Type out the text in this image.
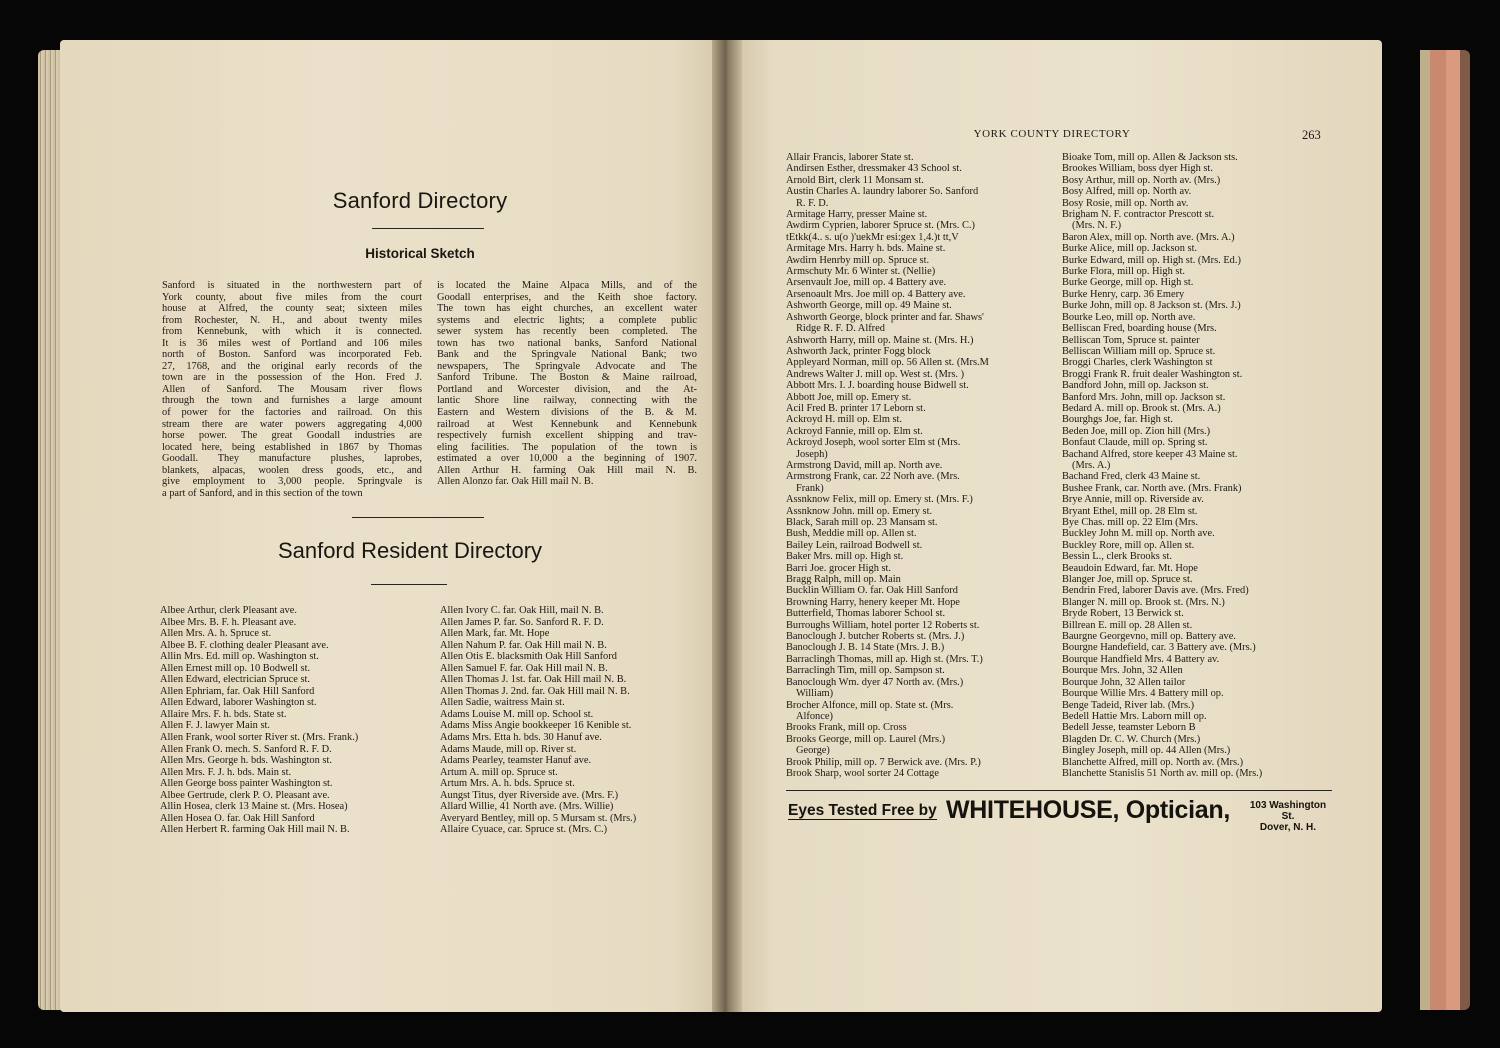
Sanford Directory
Historical Sketch
Sanford is situated in the northwestern part of
York county, about five miles from the court
house at Alfred, the county seat; sixteen miles
from Rochester, N. H., and about twenty miles
from Kennebunk, with which it is connected.
It is 36 miles west of Portland and 106 miles
north of Boston. Sanford was incorporated Feb.
27, 1768, and the original early records of the
town are in the possession of the Hon. Fred J.
Allen of Sanford. The Mousam river flows
through the town and furnishes a large amount
of power for the factories and railroad. On this
stream there are water powers aggregating 4,000
horse power. The great Goodall industries are
located here, being established in 1867 by Thomas
Goodall. They manufacture plushes, laprobes,
blankets, alpacas, woolen dress goods, etc., and
give employment to 3,000 people. Springvale is
a part of Sanford, and in this section of the town
is located the Maine Alpaca Mills, and of the
Goodall enterprises, and the Keith shoe factory.
The town has eight churches, an excellent water
systems and electric lights; a complete public
sewer system has recently been completed. The
town has two national banks, Sanford National
Bank and the Springvale National Bank; two
newspapers, The Springvale Advocate and The
Sanford Tribune. The Boston & Maine railroad,
Portland and Worcester division, and the At-
lantic Shore line railway, connecting with the
Eastern and Western divisions of the B. & M.
railroad at West Kennebunk and Kennebunk
respectively furnish excellent shipping and trav-
eling facilities. The population of the town is
estimated a over 10,000 a the beginning of 1907.
Allen Arthur H. farming Oak Hill mail N. B.
Allen Alonzo far. Oak Hill mail N. B.
Sanford Resident Directory
Albee Arthur, clerk Pleasant ave.
Albee Mrs. B. F. h. Pleasant ave.
Allen Mrs. A. h. Spruce st.
Albee B. F. clothing dealer Pleasant ave.
Allin Mrs. Ed. mill op. Washington st.
Allen Ernest mill op. 10 Bodwell st.
Allen Edward, electrician Spruce st.
Allen Ephriam, far. Oak Hill Sanford
Allen Edward, laborer Washington st.
Allaire Mrs. F. h. bds. State st.
Allen F. J. lawyer Main st.
Allen Frank, wool sorter River st. (Mrs. Frank.)
Allen Frank O. mech. S. Sanford R. F. D.
Allen Mrs. George h. bds. Washington st.
Allen Mrs. F. J. h. bds. Main st.
Allen George boss painter Washington st.
Albee Gertrude, clerk P. O. Pleasant ave.
Allin Hosea, clerk 13 Maine st. (Mrs. Hosea)
Allen Hosea O. far. Oak Hill Sanford
Allen Herbert R. farming Oak Hill mail N. B.
Allen Ivory C. far. Oak Hill, mail N. B.
Allen James P. far. So. Sanford R. F. D.
Allen Mark, far. Mt. Hope
Allen Nahum P. far. Oak Hill mail N. B.
Allen Otis E. blacksmith Oak Hill Sanford
Allen Samuel F. far. Oak Hill mail N. B.
Allen Thomas J. 1st. far. Oak Hill mail N. B.
Allen Thomas J. 2nd. far. Oak Hill mail N. B.
Allen Sadie, waitress Main st.
Adams Louise M. mill op. School st.
Adams Miss Angie bookkeeper 16 Kenible st.
Adams Mrs. Etta h. bds. 30 Hanuf ave.
Adams Maude, mill op. River st.
Adams Pearley, teamster Hanuf ave.
Artum A. mill op. Spruce st.
Artum Mrs. A. h. bds. Spruce st.
Aungst Titus, dyer Riverside ave. (Mrs. F.)
Allard Willie, 41 North ave. (Mrs. Willie)
Averyard Bentley, mill op. 5 Mursam st. (Mrs.)
Allaire Cyuace, car. Spruce st. (Mrs. C.)
YORK COUNTY DIRECTORY	263
Allair Francis, laborer State st.
Andirsen Esther, dressmaker 43 School st.
Arnold Birt, clerk 11 Monsam st.
Austin Charles A. laundry laborer So. Sanford
R. F. D.
Armitage Harry, presser Maine st.
Awdirm Cyprien, laborer Spruce st. (Mrs. C.)
tEtkk(4.. s. u(o )'uekMr esi:gex 1,4.)t tt,V
Armitage Mrs. Harry h. bds. Maine st.
Awdirn Henrby mill op. Spruce st.
Armschuty Mr. 6 Winter st. (Nellie)
Arsenvault Joe, mill op. 4 Battery ave.
Arsenoault Mrs. Joe mill op. 4 Battery ave.
Ashworth George, mill op. 49 Maine st.
Ashworth George, block printer and far. Shaws'
Ridge R. F. D. Alfred
Ashworth Harry, mill op. Maine st. (Mrs. H.)
Ashworth Jack, printer Fogg block
Appleyard Norman, mill op. 56 Allen st. (Mrs.M
Andrews Walter J. mill op. West st. (Mrs. )
Abbott Mrs. I. J. boarding house Bidwell st.
Abbott Joe, mill op. Emery st.
Acil Fred B. printer 17 Leborn st.
Ackroyd H. mill op. Elm st.
Ackroyd Fannie, mill op. Elm st.
Ackroyd Joseph, wool sorter Elm st (Mrs.
Joseph)
Armstrong David, mill ap. North ave.
Armstrong Frank, car. 22 Norh ave. (Mrs.
Frank)
Assnknow Felix, mill op. Emery st. (Mrs. F.)
Assnknow John. mill op. Emery st.
Black, Sarah mill op. 23 Mansam st.
Bush, Meddie mill op. Allen st.
Bailey Lein, railroad Bodwell st.
Baker Mrs. mill op. High st.
Barri Joe. grocer High st.
Bragg Ralph, mill op. Main
Bucklin William O. far. Oak Hill Sanford
Browning Harry, henery keeper Mt. Hope
Butterfield, Thomas laborer School st.
Burroughs William, hotel porter 12 Roberts st.
Banoclough J. butcher Roberts st. (Mrs. J.)
Banoclough J. B. 14 State (Mrs. J. B.)
Barraclingh Thomas, mill ap. High st. (Mrs. T.)
Barraclingh Tim, mill op. Sampson st.
Banoclough Wm. dyer 47 North av. (Mrs.)
William)
Brocher Alfonce, mill op. State st. (Mrs.
Alfonce)
Brooks Frank, mill op. Cross
Brooks George, mill op. Laurel (Mrs.)
George)
Brook Philip, mill op. 7 Berwick ave. (Mrs. P.)
Brook Sharp, wool sorter 24 Cottage
Bioake Tom, mill op. Allen & Jackson sts.
Brookes William, boss dyer High st.
Bosy Arthur, mill op. North av. (Mrs.)
Bosy Alfred, mill op. North av.
Bosy Rosie, mill op. North av.
Brigham N. F. contractor Prescott st.
(Mrs. N. F.)
Baron Alex, mill op. North ave. (Mrs. A.)
Burke Alice, mill op. Jackson st.
Burke Edward, mill op. High st. (Mrs. Ed.)
Burke Flora, mill op. High st.
Burke George, mill op. High st.
Burke Henry, carp. 36 Emery
Burke John, mill op. 8 Jackson st. (Mrs. J.)
Bourke Leo, mill op. North ave.
Belliscan Fred, boarding house (Mrs.
Belliscan Tom, Spruce st. painter
Belliscan William mill op. Spruce st.
Broggi Charles, clerk Washington st
Broggi Frank R. fruit dealer Washington st.
Bandford John, mill op. Jackson st.
Banford Mrs. John, mill op. Jackson st.
Bedard A. mill op. Brook st. (Mrs. A.)
Bourghgs Joe, far. High st.
Beden Joe, mill op. Zion hill (Mrs.)
Bonfaut Claude, mill op. Spring st.
Bachand Alfred, store keeper 43 Maine st.
(Mrs. A.)
Bachand Fred, clerk 43 Maine st.
Bushee Frank, car. North ave. (Mrs. Frank)
Brye Annie, mill op. Riverside av.
Bryant Ethel, mill op. 28 Elm st.
Bye Chas. mill op. 22 Elm (Mrs.
Buckley John M. mill op. North ave.
Buckley Rore, mill op. Allen st.
Bessin L., clerk Brooks st.
Beaudoin Edward, far. Mt. Hope
Blanger Joe, mill op. Spruce st.
Bendrin Fred, laborer Davis ave. (Mrs. Fred)
Blanger N. mill op. Brook st. (Mrs. N.)
Bryde Robert, 13 Berwick st.
Billrean E. mill op. 28 Allen st.
Baurgne Georgevno, mill op. Battery ave.
Bourgne Handefield, car. 3 Battery ave. (Mrs.)
Bourque Handfield Mrs. 4 Battery av.
Bourque Mrs. John, 32 Allen
Bourque John, 32 Allen tailor
Bourque Willie Mrs. 4 Battery mill op.
Benge Tadeid, River lab. (Mrs.)
Bedell Hattie Mrs. Laborn mill op.
Bedell Jesse, teamster Leborn B
Blagden Dr. C. W. Church (Mrs.)
Bingley Joseph, mill op. 44 Allen (Mrs.)
Blanchette Alfred, mill op. North av. (Mrs.)
Blanchette Stanislis 51 North av. mill op. (Mrs.)
Eyes Tested Free by WHITEHOUSE, Optician,	103 Washington St.
Dover, N. H.
